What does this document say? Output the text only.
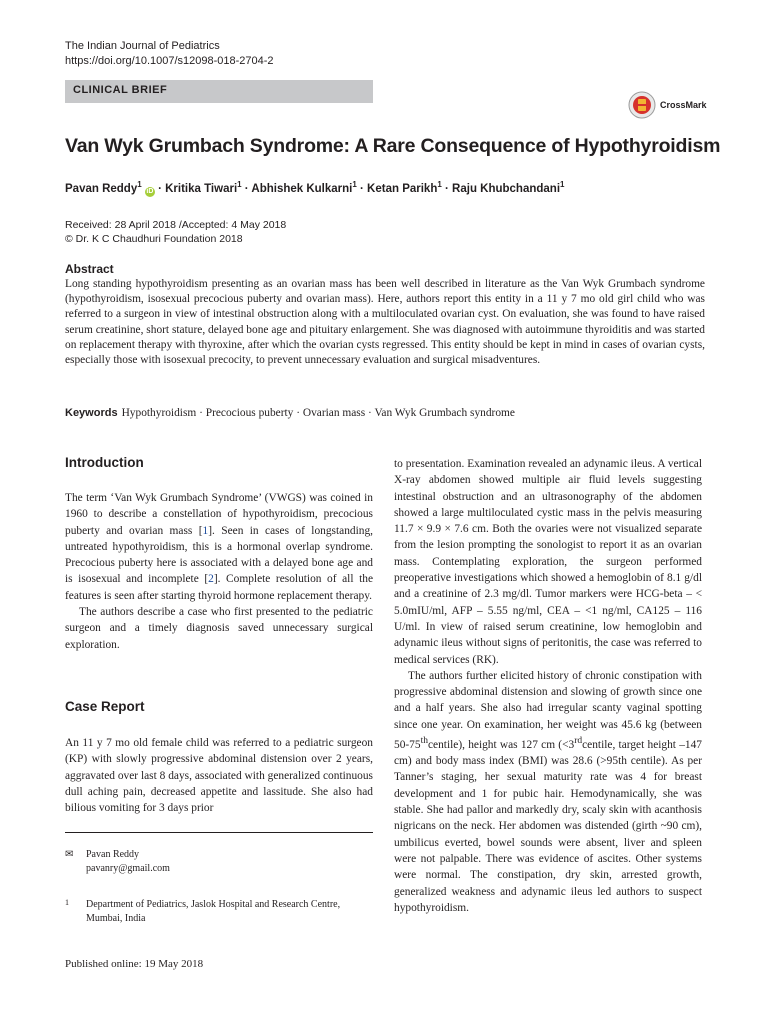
The Indian Journal of Pediatrics
https://doi.org/10.1007/s12098-018-2704-2
CLINICAL BRIEF
CrossMark
Van Wyk Grumbach Syndrome: A Rare Consequence of Hypothyroidism
Pavan Reddy$^1$ iD · Kritika Tiwari$^1$ · Abhishek Kulkarni$^1$ · Ketan Parikh$^1$ · Raju Khubchandani$^1$
Received: 28 April 2018 /Accepted: 4 May 2018
© Dr. K C Chaudhuri Foundation 2018
Abstract
Long standing hypothyroidism presenting as an ovarian mass has been well described in literature as the Van Wyk Grumbach syndrome (hypothyroidism, isosexual precocious puberty and ovarian mass). Here, authors report this entity in a 11 y 7 mo old girl child who was referred to a surgeon in view of intestinal obstruction along with a multiloculated ovarian cyst. On evaluation, she was found to have raised serum creatinine, short stature, delayed bone age and pituitary enlargement. She was diagnosed with autoimmune thyroiditis and was started on replacement therapy with thyroxine, after which the ovarian cysts regressed. This entity should be kept in mind in cases of ovarian cysts, especially those with isosexual precocity, to prevent unnecessary evaluation and surgical misadventures.
Keywords Hypothyroidism · Precocious puberty · Ovarian mass · Van Wyk Grumbach syndrome
Introduction

The term ‘Van Wyk Grumbach Syndrome’ (VWGS) was coined in 1960 to describe a constellation of hypothyroidism, precocious puberty and ovarian mass [1]. Seen in cases of longstanding, untreated hypothyroidism, this is a hormonal overlap syndrome. Precocious puberty here is associated with a delayed bone age and is isosexual and incomplete [2]. Complete resolution of all the features is seen after starting thyroid hormone replacement therapy.

The authors describe a case who first presented to the pediatric surgeon and a timely diagnosis saved unnecessary surgical exploration.

Case Report

An 11 y 7 mo old female child was referred to a pediatric surgeon (KP) with slowly progressive abdominal distension over 2 years, aggravated over last 8 days, associated with generalized continuous dull aching pain, decreased appetite and lassitude. She also had bilious vomiting for 3 days prior

to presentation. Examination revealed an adynamic ileus. A vertical X-ray abdomen showed multiple air fluid levels suggesting intestinal obstruction and an ultrasonography of the abdomen showed a large multiloculated cystic mass in the pelvis measuring 11.7 × 9.9 × 7.6 cm. Both the ovaries were not visualized separate from the lesion prompting the sonologist to report it as an ovarian mass. Contemplating exploration, the surgeon performed preoperative investigations which showed a hemoglobin of 8.1 g/dl and a creatinine of 2.3 mg/dl. Tumor markers were HCG-beta – < 5.0mIU/ml, AFP – 5.55 ng/ml, CEA – <1 ng/ml, CA125 – 116 U/ml. In view of raised serum creatinine, low hemoglobin and adynamic ileus without signs of peritonitis, the case was referred to medical services (RK).

The authors further elicited history of chronic constipation with progressive abdominal distension and slowing of growth since one and a half years. She also had irregular scanty vaginal spotting since one year. On examination, her weight was 45.6 kg (between 50-75thcentile), height was 127 cm (<3rdcentile, target height –147 cm) and body mass index (BMI) was 28.6 (>95th centile). As per Tanner’s staging, her sexual maturity rate was 4 for breast development and 1 for pubic hair. Hemodynamically, she was stable. She had pallor and markedly dry, scaly skin with acanthosis nigricans on the neck. Her abdomen was distended (girth ~90 cm), umbilicus everted, bowel sounds were absent, liver and spleen were not palpable. There was evidence of ascites. Other systems were normal. The constipation, dry skin, arrested growth, generalized weakness and adynamic ileus led authors to suspect hypothyroidism.

✉ Pavan Reddy
pavanry@gmail.com
1 Department of Pediatrics, Jaslok Hospital and Research Centre, Mumbai, India
Published online: 19 May 2018
